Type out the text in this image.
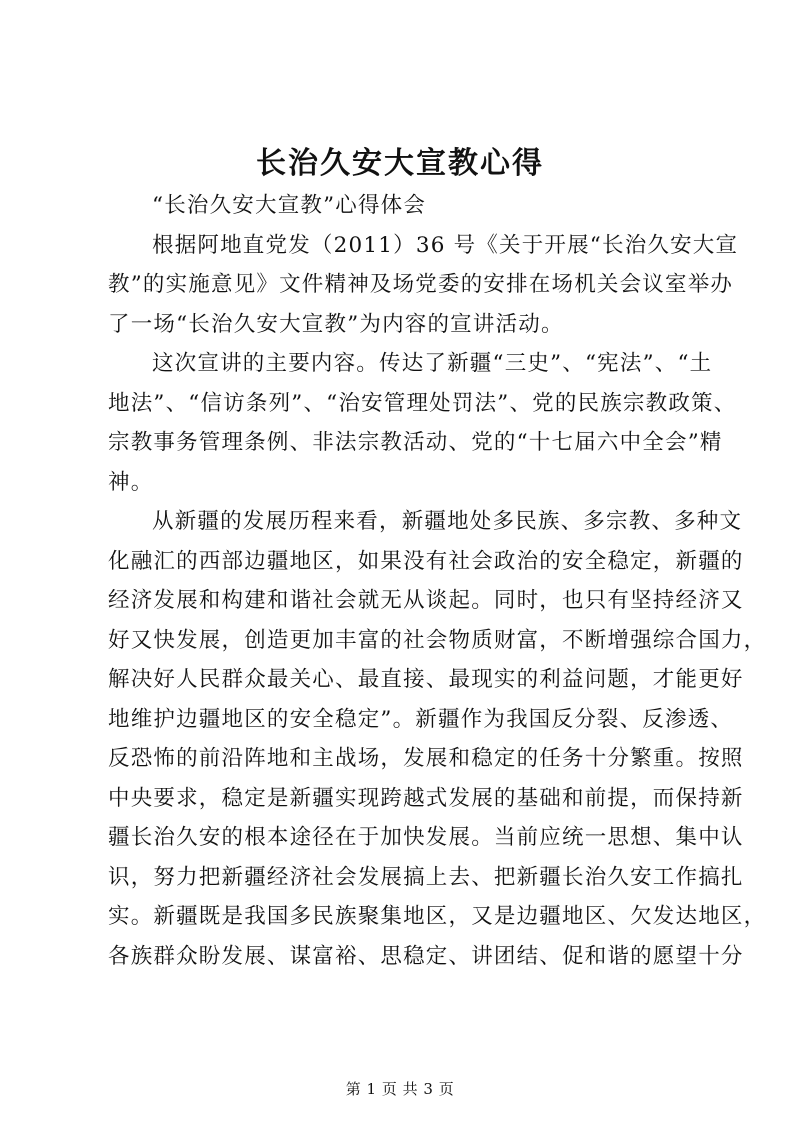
长治久安大宣教心得
“长治久安大宣教”心得体会
根据阿地直党发（2011）36 号《关于开展“长治久安大宣
教”的实施意见》文件精神及场党委的安排在场机关会议室举办
了一场“长治久安大宣教”为内容的宣讲活动。
这次宣讲的主要内容。传达了新疆“三史”、“宪法”、“土
地法”、“信访条列”、“治安管理处罚法”、党的民族宗教政策、
宗教事务管理条例、非法宗教活动、党的“十七届六中全会”精
神。
从新疆的发展历程来看，新疆地处多民族、多宗教、多种文
化融汇的西部边疆地区，如果没有社会政治的安全稳定，新疆的
经济发展和构建和谐社会就无从谈起。同时，也只有坚持经济又
好又快发展，创造更加丰富的社会物质财富，不断增强综合国力，
解决好人民群众最关心、最直接、最现实的利益问题，才能更好
地维护边疆地区的安全稳定”。新疆作为我国反分裂、反渗透、
反恐怖的前沿阵地和主战场，发展和稳定的任务十分繁重。按照
中央要求，稳定是新疆实现跨越式发展的基础和前提，而保持新
疆长治久安的根本途径在于加快发展。当前应统一思想、集中认
识，努力把新疆经济社会发展搞上去、把新疆长治久安工作搞扎
实。新疆既是我国多民族聚集地区，又是边疆地区、欠发达地区，
各族群众盼发展、谋富裕、思稳定、讲团结、促和谐的愿望十分
第 1 页 共 3 页
